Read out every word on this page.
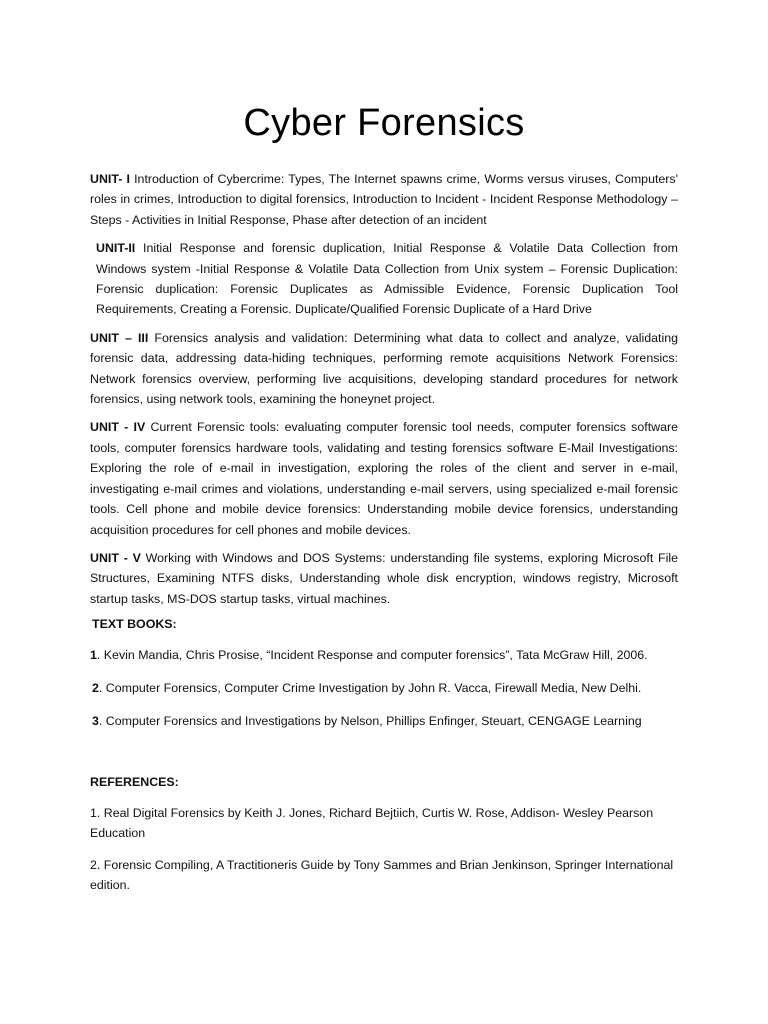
Cyber Forensics

UNIT- I Introduction of Cybercrime: Types, The Internet spawns crime, Worms versus viruses, Computers' roles in crimes, Introduction to digital forensics, Introduction to Incident - Incident Response Methodology –Steps - Activities in Initial Response, Phase after detection of an incident

UNIT-II Initial Response and forensic duplication, Initial Response & Volatile Data Collection from Windows system -Initial Response & Volatile Data Collection from Unix system – Forensic Duplication: Forensic duplication: Forensic Duplicates as Admissible Evidence, Forensic Duplication Tool Requirements, Creating a Forensic. Duplicate/Qualified Forensic Duplicate of a Hard Drive

UNIT – III Forensics analysis and validation: Determining what data to collect and analyze, validating forensic data, addressing data-hiding techniques, performing remote acquisitions Network Forensics: Network forensics overview, performing live acquisitions, developing standard procedures for network forensics, using network tools, examining the honeynet project.

UNIT - IV Current Forensic tools: evaluating computer forensic tool needs, computer forensics software tools, computer forensics hardware tools, validating and testing forensics software E-Mail Investigations: Exploring the role of e-mail in investigation, exploring the roles of the client and server in e-mail, investigating e-mail crimes and violations, understanding e-mail servers, using specialized e-mail forensic tools. Cell phone and mobile device forensics: Understanding mobile device forensics, understanding acquisition procedures for cell phones and mobile devices.

UNIT - V Working with Windows and DOS Systems: understanding file systems, exploring Microsoft File Structures, Examining NTFS disks, Understanding whole disk encryption, windows registry, Microsoft startup tasks, MS-DOS startup tasks, virtual machines.

TEXT BOOKS:

1. Kevin Mandia, Chris Prosise, “Incident Response and computer forensics”, Tata McGraw Hill, 2006.

2. Computer Forensics, Computer Crime Investigation by John R. Vacca, Firewall Media, New Delhi.

3. Computer Forensics and Investigations by Nelson, Phillips Enfinger, Steuart, CENGAGE Learning

REFERENCES:

1. Real Digital Forensics by Keith J. Jones, Richard Bejtiich, Curtis W. Rose, Addison- Wesley Pearson Education

2. Forensic Compiling, A Tractitioneris Guide by Tony Sammes and Brian Jenkinson, Springer International edition.
